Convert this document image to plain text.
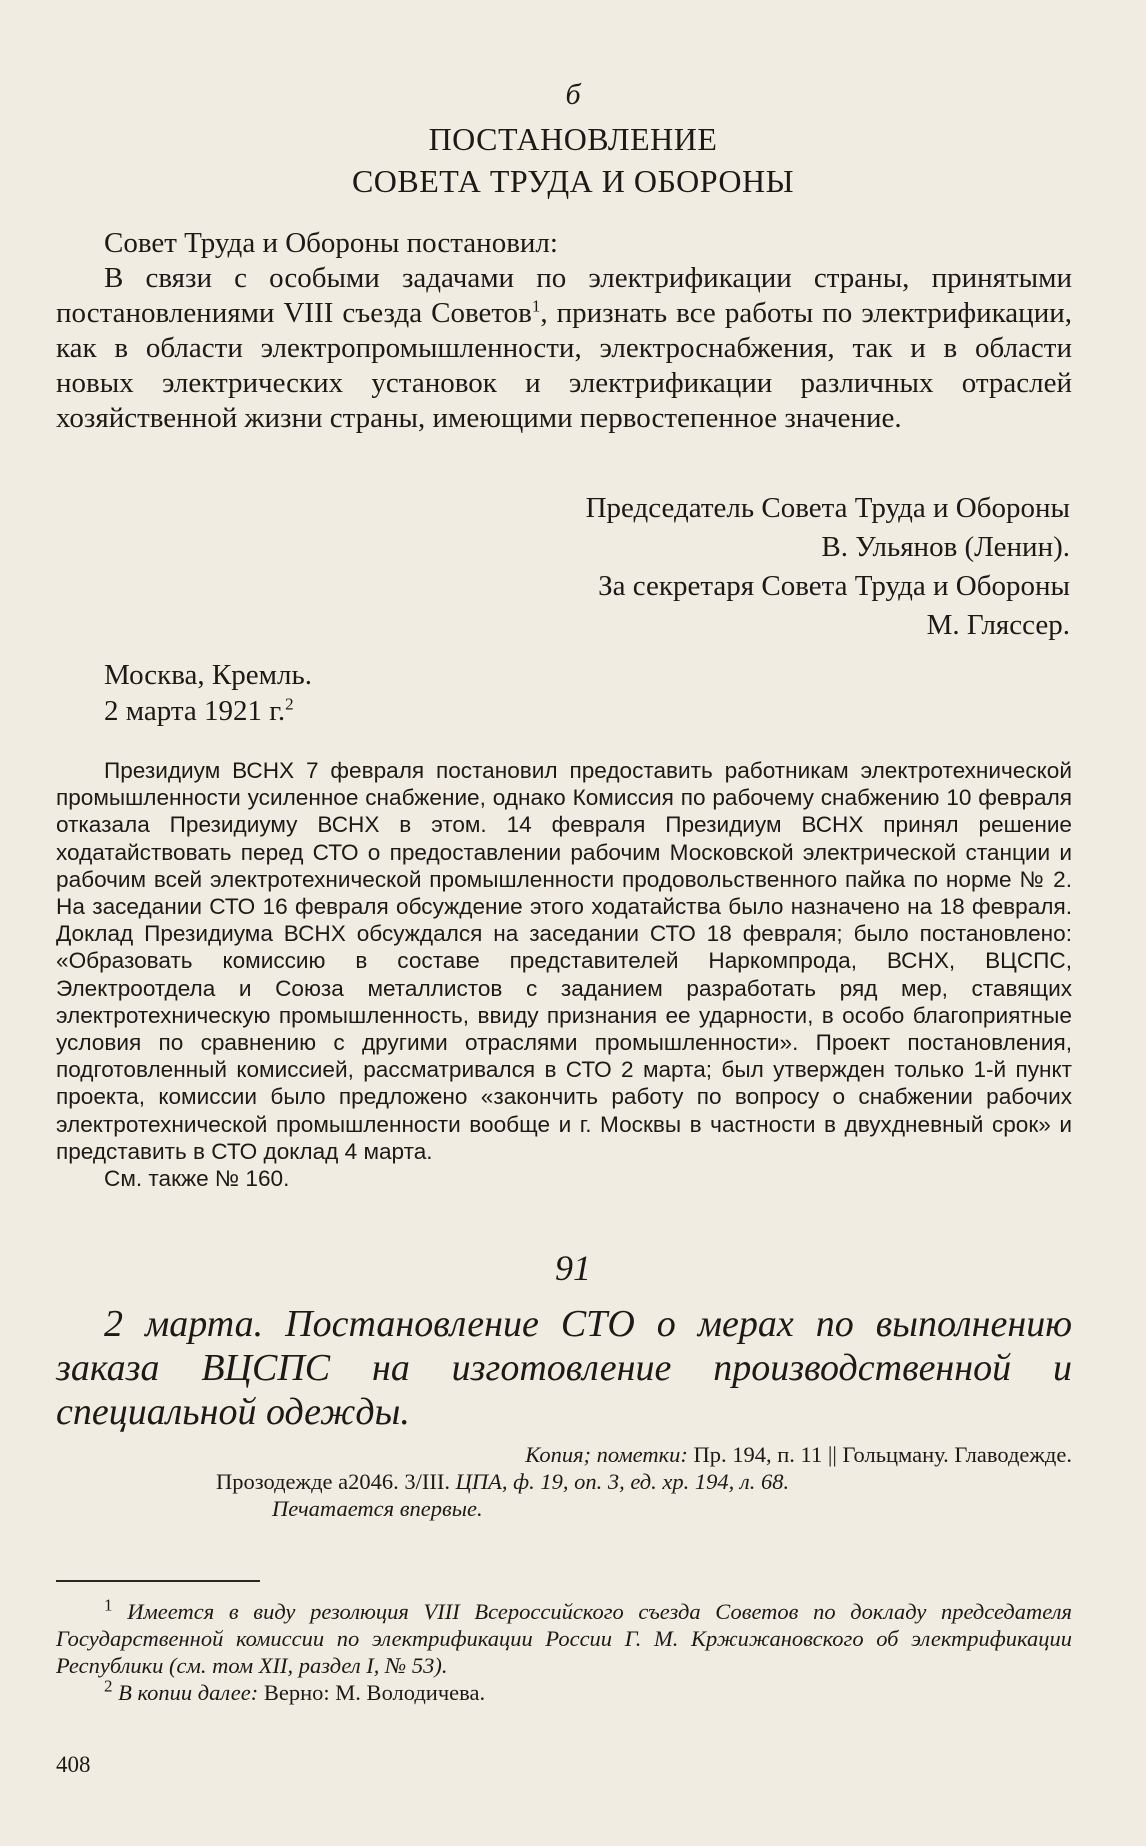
б
ПОСТАНОВЛЕНИЕ
СОВЕТА ТРУДА И ОБОРОНЫ

Совет Труда и Обороны постановил:

В связи с особыми задачами по электрификации страны, принятыми постановлениями VIII съезда Советов$^1$, признать все работы по электрификации, как в области электропромышленности, электроснабжения, так и в области новых электрических установок и электрификации различных отраслей хозяйственной жизни страны, имеющими первостепенное значение.

Председатель Совета Труда и Обороны
В. Ульянов (Ленин).
За секретаря Совета Труда и Обороны
М. Гляссер.
Москва, Кремль.
2 марта 1921 г.$^2$

Президиум ВСНХ 7 февраля постановил предоставить работникам электротехнической промышленности усиленное снабжение, однако Комиссия по рабочему снабжению 10 февраля отказала Президиуму ВСНХ в этом. 14 февраля Президиум ВСНХ принял решение ходатайствовать перед СТО о предоставлении рабочим Московской электрической станции и рабочим всей электротехнической промышленности продовольственного пайка по норме № 2. На заседании СТО 16 февраля обсуждение этого ходатайства было назначено на 18 февраля. Доклад Президиума ВСНХ обсуждался на заседании СТО 18 февраля; было постановлено: «Образовать комиссию в составе представителей Наркомпрода, ВСНХ, ВЦСПС, Электроотдела и Союза металлистов с заданием разработать ряд мер, ставящих электротехническую промышленность, ввиду признания ее ударности, в особо благоприятные условия по сравнению с другими отраслями промышленности». Проект постановления, подготовленный комиссией, рассматривался в СТО 2 марта; был утвержден только 1-й пункт проекта, комиссии было предложено «закончить работу по вопросу о снабжении рабочих электротехнической промышленности вообще и г. Москвы в частности в двухдневный срок» и представить в СТО доклад 4 марта.

См. также № 160.

91
2 марта. Постановление СТО о мерах по выполнению заказа ВЦСПС на изготовление производственной и специальной одежды.
Копия; пометки: Пр. 194, п. 11 || Гольцману. Главодежде.
Прозодежде а2046. 3/III. ЦПА, ф. 19, оп. 3, ед. хр. 194, л. 68.
Печатается впервые.

$^1$ Имеется в виду резолюция VIII Всероссийского съезда Советов по докладу председателя Государственной комиссии по электрификации России Г. М. Кржижановского об электрификации Республики (см. том XII, раздел I, № 53).

$^2$ В копии далее: Верно: М. Володичева.

408
